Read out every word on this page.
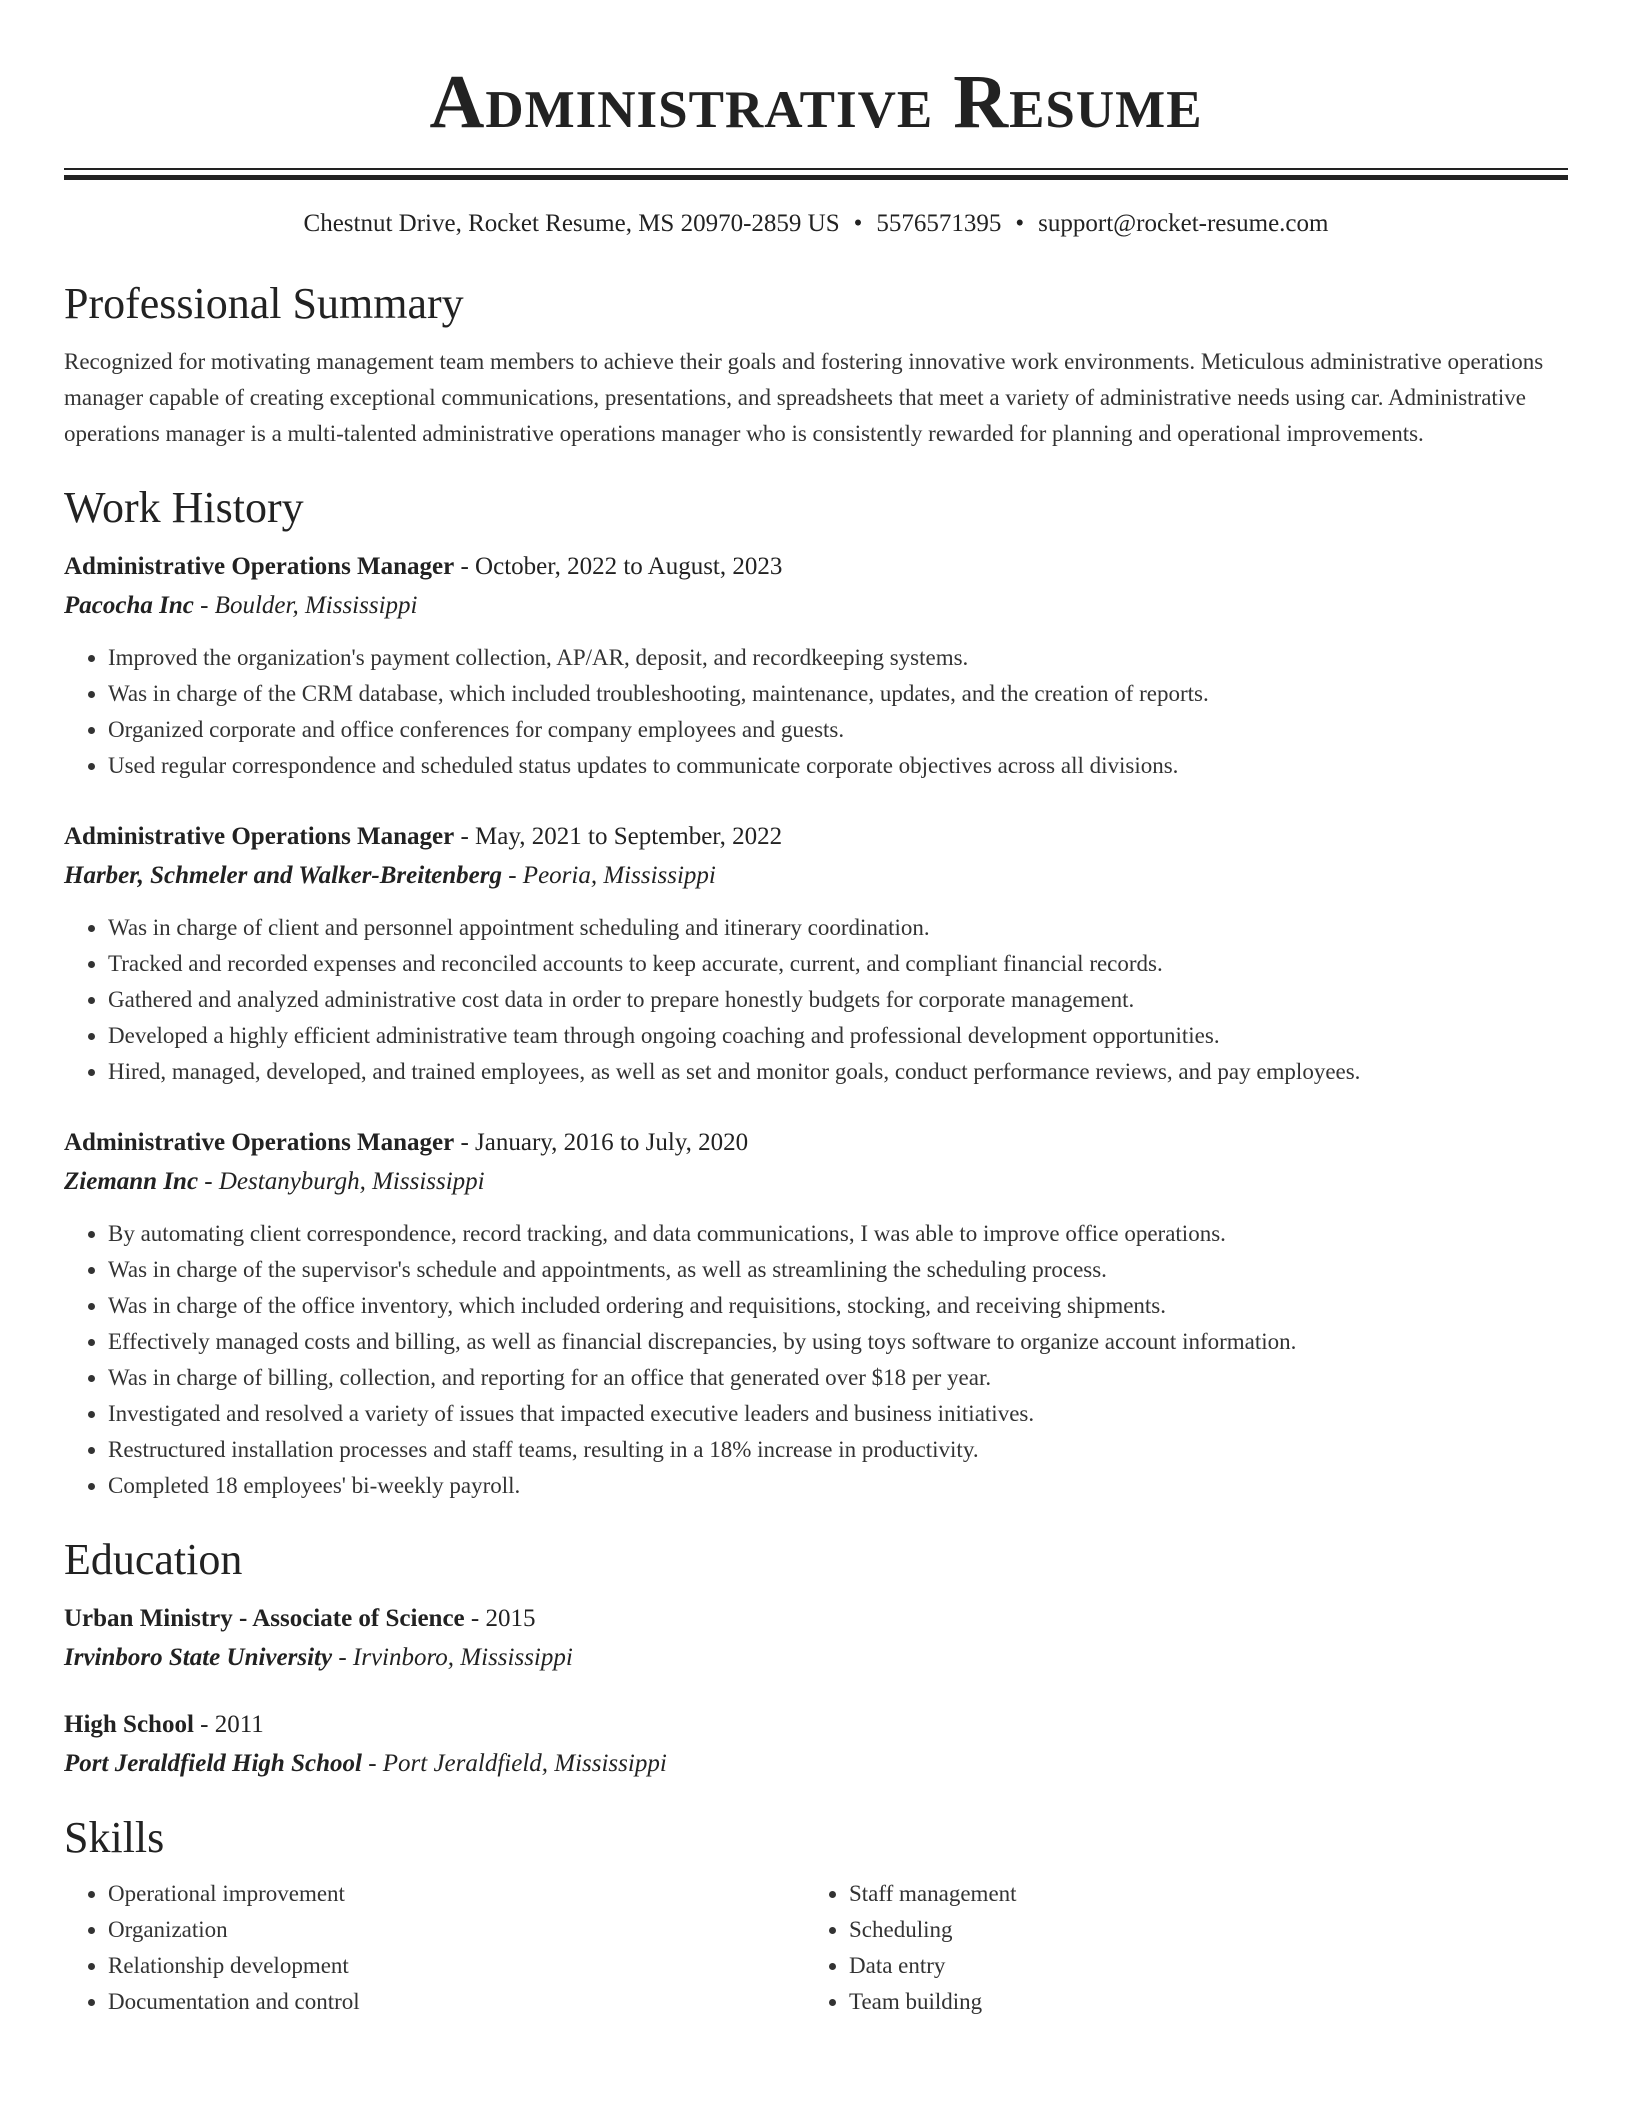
Administrative Resume
Chestnut Drive, Rocket Resume, MS 20970-2859 US • 5576571395 • support@rocket-resume.com
Professional Summary

Recognized for motivating management team members to achieve their goals and fostering innovative work environments. Meticulous administrative operations manager capable of creating exceptional communications, presentations, and spreadsheets that meet a variety of administrative needs using car. Administrative operations manager is a multi-talented administrative operations manager who is consistently rewarded for planning and operational improvements.

Work History
Administrative Operations Manager - October, 2022 to August, 2023
Pacocha Inc - Boulder, Mississippi
• Improved the organization's payment collection, AP/AR, deposit, and recordkeeping systems.
• Was in charge of the CRM database, which included troubleshooting, maintenance, updates, and the creation of reports.
• Organized corporate and office conferences for company employees and guests.
• Used regular correspondence and scheduled status updates to communicate corporate objectives across all divisions.
Administrative Operations Manager - May, 2021 to September, 2022
Harber, Schmeler and Walker-Breitenberg - Peoria, Mississippi
• Was in charge of client and personnel appointment scheduling and itinerary coordination.
• Tracked and recorded expenses and reconciled accounts to keep accurate, current, and compliant financial records.
• Gathered and analyzed administrative cost data in order to prepare honestly budgets for corporate management.
• Developed a highly efficient administrative team through ongoing coaching and professional development opportunities.
• Hired, managed, developed, and trained employees, as well as set and monitor goals, conduct performance reviews, and pay employees.
Administrative Operations Manager - January, 2016 to July, 2020
Ziemann Inc - Destanyburgh, Mississippi
• By automating client correspondence, record tracking, and data communications, I was able to improve office operations.
• Was in charge of the supervisor's schedule and appointments, as well as streamlining the scheduling process.
• Was in charge of the office inventory, which included ordering and requisitions, stocking, and receiving shipments.
• Effectively managed costs and billing, as well as financial discrepancies, by using toys software to organize account information.
• Was in charge of billing, collection, and reporting for an office that generated over $18 per year.
• Investigated and resolved a variety of issues that impacted executive leaders and business initiatives.
• Restructured installation processes and staff teams, resulting in a 18% increase in productivity.
• Completed 18 employees' bi-weekly payroll.
Education
Urban Ministry - Associate of Science - 2015
Irvinboro State University - Irvinboro, Mississippi
High School - 2011
Port Jeraldfield High School - Port Jeraldfield, Mississippi
Skills
• Operational improvement
• Organization
• Relationship development
• Documentation and control
• Staff management
• Scheduling
• Data entry
• Team building
